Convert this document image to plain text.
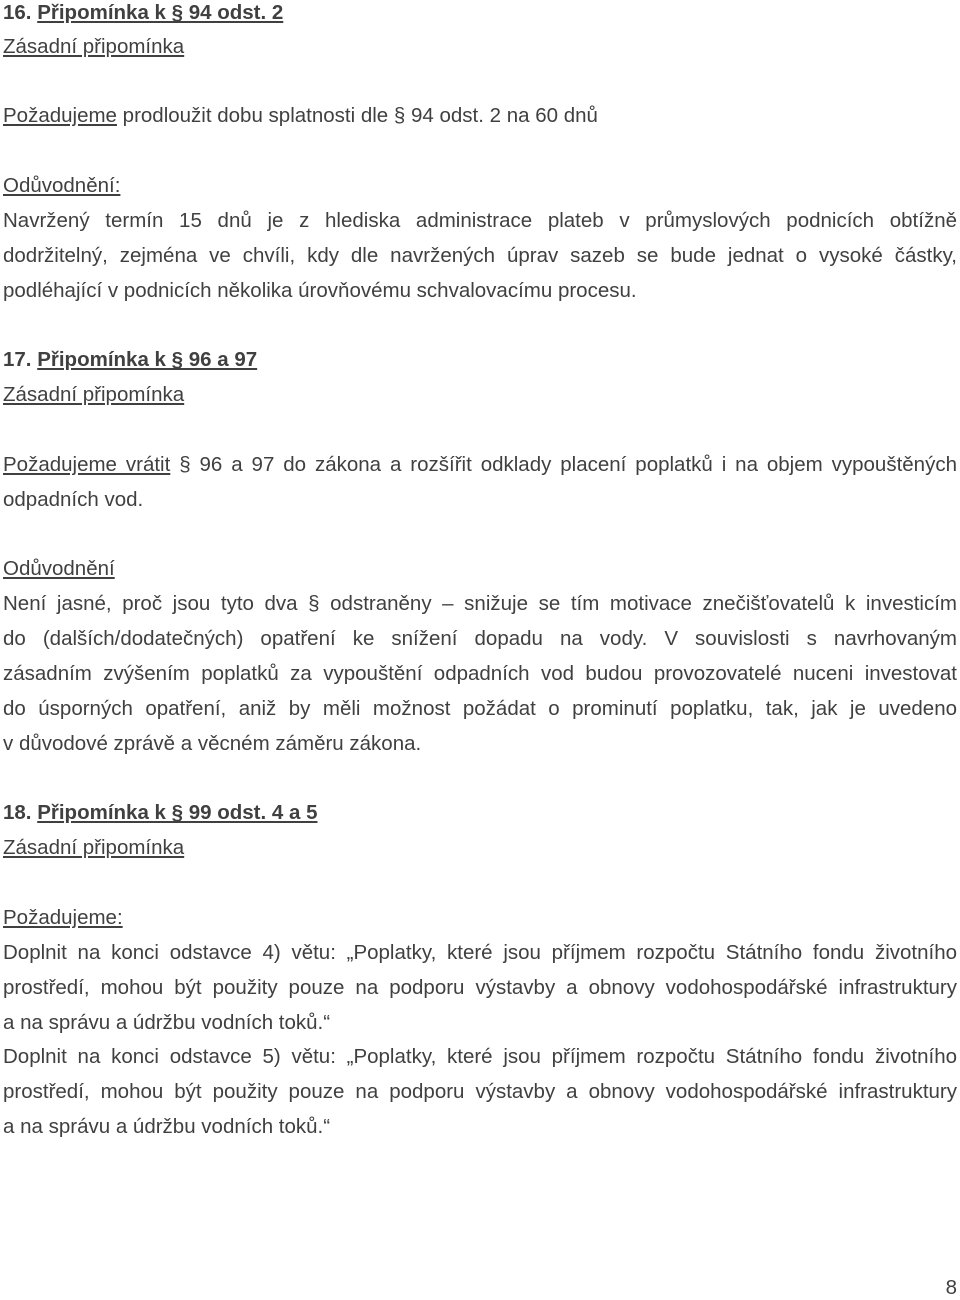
16. Připomínka k § 94 odst. 2
Zásadní připomínka
Požadujeme prodloužit dobu splatnosti dle § 94 odst. 2 na 60 dnů
Odůvodnění:
Navržený termín 15 dnů je z hlediska administrace plateb v průmyslových podnicích obtížně
dodržitelný, zejména ve chvíli, kdy dle navržených úprav sazeb se bude jednat o vysoké částky,
podléhající v podnicích několika úrovňovému schvalovacímu procesu.
17. Připomínka k § 96 a 97
Zásadní připomínka
Požadujeme vrátit § 96 a 97 do zákona a rozšířit odklady placení poplatků i na objem vypouštěných
odpadních vod.
Odůvodnění
Není jasné, proč jsou tyto dva § odstraněny – snižuje se tím motivace znečišťovatelů k investicím
do (dalších/dodatečných) opatření ke snížení dopadu na vody. V souvislosti s navrhovaným
zásadním zvýšením poplatků za vypouštění odpadních vod budou provozovatelé nuceni investovat
do úsporných opatření, aniž by měli možnost požádat o prominutí poplatku, tak, jak je uvedeno
v důvodové zprávě a věcném záměru zákona.
18. Připomínka k § 99 odst. 4 a 5
Zásadní připomínka
Požadujeme:
Doplnit na konci odstavce 4) větu: „Poplatky, které jsou příjmem rozpočtu Státního fondu životního
prostředí, mohou být použity pouze na podporu výstavby a obnovy vodohospodářské infrastruktury
a na správu a údržbu vodních toků.“
Doplnit na konci odstavce 5) větu: „Poplatky, které jsou příjmem rozpočtu Státního fondu životního
prostředí, mohou být použity pouze na podporu výstavby a obnovy vodohospodářské infrastruktury
a na správu a údržbu vodních toků.“
8
